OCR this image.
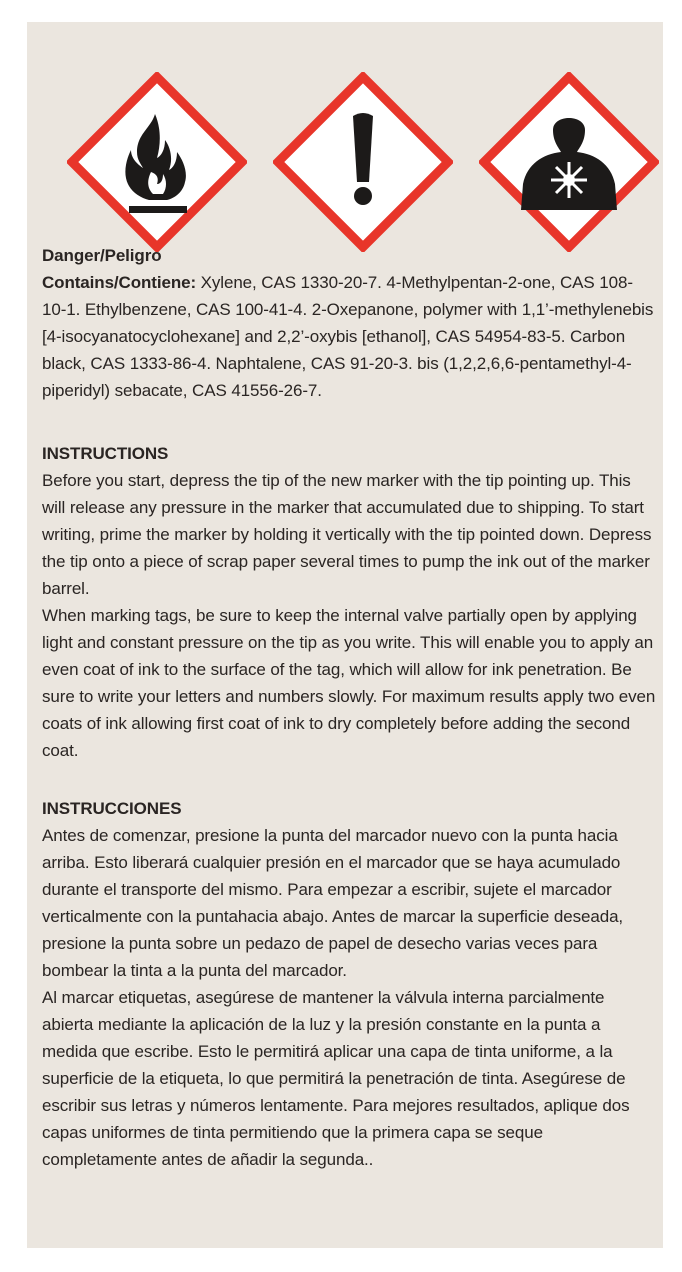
Danger/Peligro
Contains/Contiene: Xylene, CAS 1330-20-7. 4-Methylpentan-2-one, CAS 108-10-1. Ethylbenzene, CAS 100-41-4. 2-Oxepanone, polymer with 1,1’-methylenebis [4-isocyanatocyclohexane] and 2,2’-oxybis [ethanol], CAS 54954-83-5. Carbon black, CAS 1333-86-4. Naphtalene, CAS 91-20-3. bis (1,2,2,6,6-pentamethyl-4-piperidyl) sebacate, CAS 41556-26-7.
INSTRUCTIONS
Before you start, depress the tip of the new marker with the tip pointing up. This will release any pressure in the marker that accumulated due to shipping. To start writing, prime the marker by holding it vertically with the tip pointed down. Depress the tip onto a piece of scrap paper several times to pump the ink out of the marker barrel.
When marking tags, be sure to keep the internal valve partially open by applying light and constant pressure on the tip as you write. This will enable you to apply an even coat of ink to the surface of the tag, which will allow for ink penetration. Be sure to write your letters and numbers slowly. For maximum results apply two even coats of ink allowing first coat of ink to dry completely before adding the second coat.
INSTRUCCIONES
Antes de comenzar, presione la punta del marcador nuevo con la punta hacia arriba. Esto liberará cualquier presión en el marcador que se haya acumulado durante el transporte del mismo. Para empezar a escribir, sujete el marcador verticalmente con la puntahacia abajo. Antes de marcar la superficie deseada, presione la punta sobre un pedazo de papel de desecho varias veces para bombear la tinta a la punta del marcador.
Al marcar etiquetas, asegúrese de mantener la válvula interna parcialmente abierta mediante la aplicación de la luz y la presión constante en la punta a medida que escribe. Esto le permitirá aplicar una capa de tinta uniforme, a la superficie de la etiqueta, lo que permitirá la penetración de tinta. Asegúrese de escribir sus letras y números lentamente. Para mejores resultados, aplique dos capas uniformes de tinta permitiendo que la primera capa se seque completamente antes de añadir la segunda..
